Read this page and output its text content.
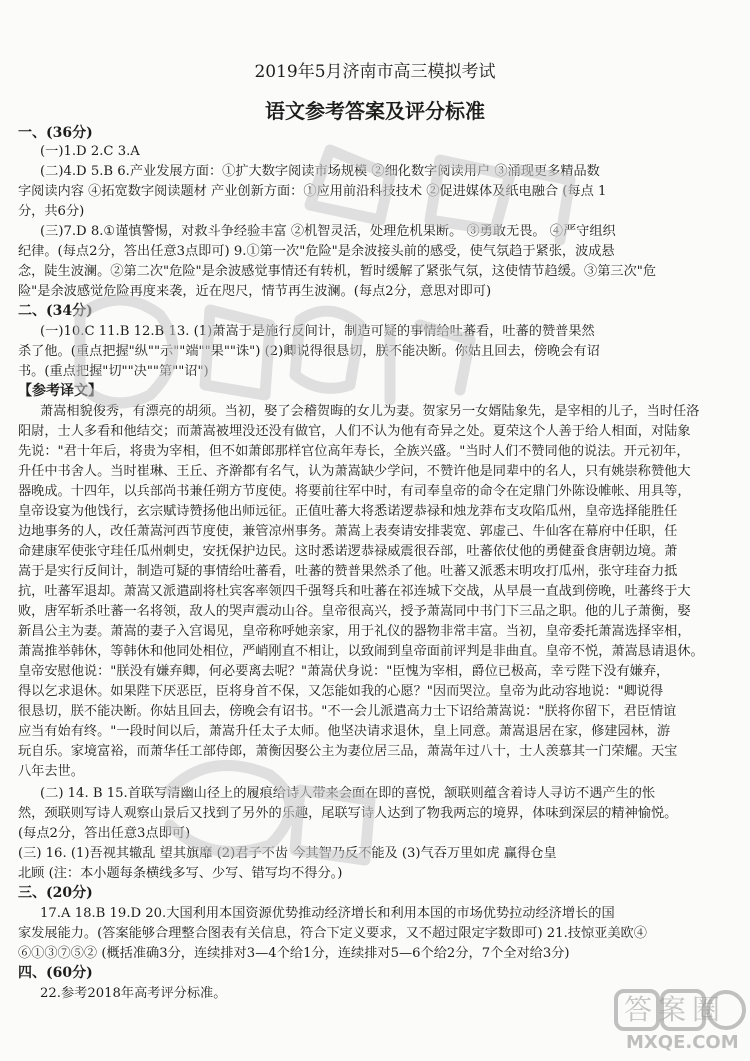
2019年5月济南市高三模拟考试
语文参考答案及评分标准
一、(36分)
(一)1.D 2.C 3.A
(二)4.D 5.B 6.产业发展方面：①扩大数字阅读市场规模 ②细化数字阅读用户 ③涌现更多精品数
字阅读内容 ④拓宽数字阅读题材 产业创新方面：①应用前沿科技技术 ②促进媒体及纸电融合 (每点 1
分，共6分)
(三)7.D 8.①谨慎警惕，对救斗争经验丰富 ②机智灵活，处理危机果断。 ③勇敢无畏。 ④严守组织
纪律。(每点2分，答出任意3点即可) 9.①第一次"危险"是余波接头前的感受，使气氛趋于紧张，波成悬
念，陡生波澜。②第二次"危险"是余波感觉事情还有转机，暂时缓解了紧张气氛，这使情节趋缓。③第三次"危
险"是余波感觉危险再度来袭，近在咫尺，情节再生波澜。(每点2分，意思对即可)
二、(34分)
(一)10.C 11.B 12.B 13. (1)萧嵩于是施行反间计，制造可疑的事情给吐蕃看，吐蕃的赞普果然
杀了他。(重点把握"纵""示""端""果""诛") (2)卿说得很恳切，朕不能决断。你姑且回去，傍晚会有诏
书。(重点把握"切""决""第""诏")
【参考译文】
萧嵩相貌俊秀，有漂亮的胡须。当初，娶了会稽贺晦的女儿为妻。贺家另一女婿陆象先，是宰相的儿子，当时任洛
阳尉，士人多看和他结交；而萧嵩被埋没还没有做官，人们不认为他有奇异之处。夏荣这个人善于给人相面，对陆象
先说："君十年后，将贵为宰相，但不如萧郎那样官位高年寿长，全族兴盛。"当时人们不赞同他的说法。开元初年，
升任中书舍人。当时崔琳、王丘、齐澣都有名气，认为萧嵩缺少学问，不赞许他是同辈中的名人，只有姚崇称赞他大
器晚成。十四年，以兵部尚书兼任朔方节度使。将要前往军中时，有司奉皇帝的命令在定鼎门外陈设帷帐、用具等，
皇帝设宴为他饯行，玄宗赋诗赞扬他出师远征。正值吐蕃大将悉诺逻恭禄和烛龙莽布支攻陷瓜州，皇帝选择能胜任
边地事务的人，改任萧嵩河西节度使，兼管凉州事务。萧嵩上表奏请安排裴宽、郭虚己、牛仙客在幕府中任职，任
命建康军使张守珪任瓜州刺史，安抚保护边民。这时悉诺逻恭禄威震很吞部，吐蕃依仗他的勇健蚕食唐朝边境。萧
嵩于是实行反间计，制造可疑的事情给吐蕃看，吐蕃的赞普果然杀了他。吐蕃又派悉末明攻打瓜州，张守珪奋力抵
抗，吐蕃军退却。萧嵩又派遣副将杜宾客率领四千强弩兵和吐蕃在祁连城下交战，从早晨一直战到傍晚，吐蕃终于大
败，唐军斩杀吐蕃一名将领，敌人的哭声震动山谷。皇帝很高兴，授予萧嵩同中书门下三品之职。他的儿子萧衡，娶
新昌公主为妻。萧嵩的妻子入宫谒见，皇帝称呼她亲家，用于礼仪的器物非常丰富。当初，皇帝委托萧嵩选择宰相，
萧嵩推举韩休，等韩休和他同处相位，严峭刚直不相让，以致闹到皇帝面前评判是非曲直。皇帝不悦，萧嵩恳请退休。
皇帝安慰他说："朕没有嫌弃卿，何必要离去呢？"萧嵩伏身说："臣愧为宰相，爵位已极高，幸亏陛下没有嫌弃，
得以乞求退休。如果陛下厌恶臣，臣将身首不保，又怎能如我的心愿？"因而哭泣。皇帝为此动容地说："卿说得
很恳切，朕不能决断。你姑且回去，傍晚会有诏书。"不一会儿派遣高力士下诏给萧嵩说："朕将你留下，君臣情谊
应当有始有终。"一段时间以后，萧嵩升任太子太师。他坚决请求退休，皇上同意。萧嵩退居在家，修建园林，游
玩自乐。家境富裕，而萧华任工部侍郎，萧衡因娶公主为妻位居三品，萧嵩年过八十，士人羡慕其一门荣耀。天宝
八年去世。
(二) 14. B 15.首联写清幽山径上的履痕给诗人带来会面在即的喜悦，颔联则蕴含着诗人寻访不遇产生的怅
然，颈联则写诗人观察山景后又找到了另外的乐趣，尾联写诗人达到了物我两忘的境界，体味到深层的精神愉悦。
(每点2分，答出任意3点即可)
(三) 16. (1)吾视其辙乱 望其旗靡 (2)君子不齿 今其智乃反不能及 (3)气吞万里如虎 赢得仓皇
北顾 (注：本小题每条横线多写、少写、错写均不得分。)
三、(20分)
17.A 18.B 19.D 20.大国利用本国资源优势推动经济增长和利用本国的市场优势拉动经济增长的国
家发展能力。(答案能够合理整合图表有关信息，符合下定义要求，又不超过限定字数即可) 21.技惊亚美欧④
⑥①③⑦⑤② (概括准确3分，连续排对3—4个给1分，连续排对5—6个给2分，7个全对给3分)
四、(60分)
22.参考2018年高考评分标准。	答案圈
MXQE.COM
